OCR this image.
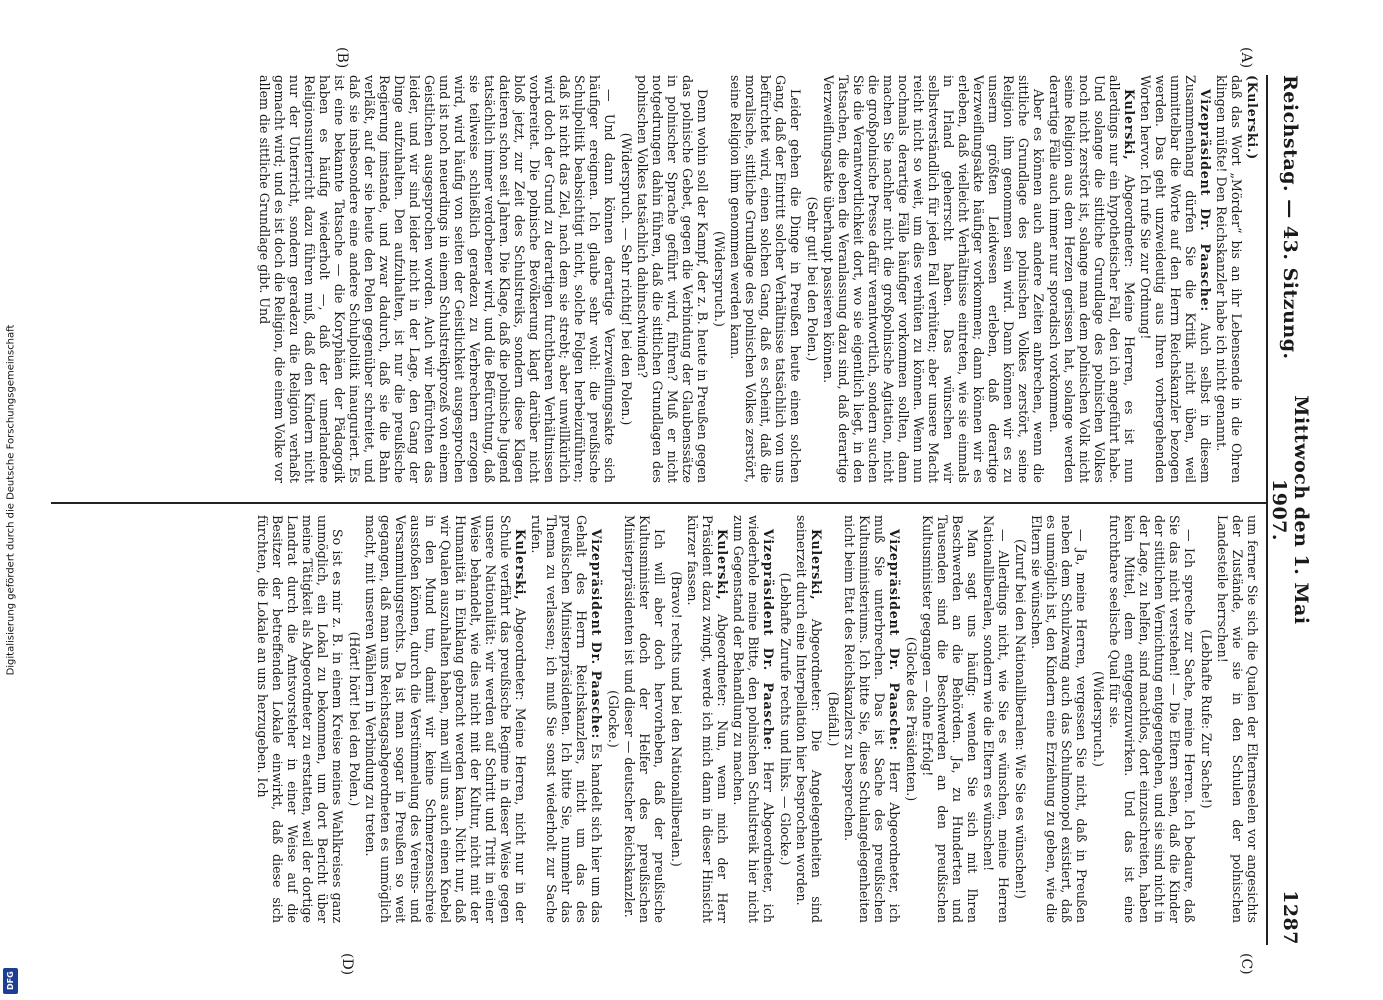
Digitalisierung gefördert durch die Deutsche Forschungsgemeinschaft
DFG
Reichstag. — 43. Sitzung.
Mittwoch den 1. Mai 1907.
1287
(A)
(B)
(C)
(D)

(Kulerski.)

daß das Wort „Mörder“ bis an ihr Lebensende in die Ohren klingen müßte! Den Reichskanzler habe ich nicht genannt.

Vizepräsident Dr. Paasche: Auch selbst in diesem Zusammenhang dürfen Sie die Kritik nicht üben, weil unmittelbar die Worte auf den Herrn Reichskanzler bezogen werden. Das geht unzweideutig aus Ihren vorhergehenden Worten hervor. Ich rufe Sie zur Ordnung!

Kulerski, Abgeordneter: Meine Herren, es ist nun allerdings nur ein hypothetischer Fall, den ich angeführt habe. Und solange die sittliche Grundlage des polnischen Volkes noch nicht zerstört ist, solange man dem polnischen Volk nicht seine Religion aus dem Herzen gerissen hat, solange werden derartige Fälle auch immer nur sporadisch vorkommen.

Aber es können auch andere Zeiten anbrechen, wenn die sittliche Grundlage des polnischen Volkes zerstört, seine Religion ihm genommen sein wird. Dann können wir es zu unserm größten Leidwesen erleben, daß derartige Verzweiflungsakte häufiger vorkommen; dann können wir es erleben, daß vielleicht Verhältnisse eintreten, wie sie einmals in Irland geherrscht haben. Das wünschen wir selbstverständlich für jeden Fall verhüten; aber unsere Macht reicht nicht so weit, um dies verhüten zu können. Wenn nun nochmals derartige Fälle häufiger vorkommen sollten, dann machen Sie nachher nicht die großpolnische Agitation, nicht die großpolnische Presse dafür verantwortlich, sondern suchen Sie die Verantwortlichkeit dort, wo sie eigentlich liegt, in den Tatsachen, die eben die Veranlassung dazu sind, daß derartige Verzweiflungsakte überhaupt passieren können.

(Sehr gut! bei den Polen.)

Leider gehen die Dinge in Preußen heute einen solchen Gang, daß der Eintritt solcher Verhältnisse tatsächlich von uns befürchtet wird, einen solchen Gang, daß es scheint, daß die moralische, sittliche Grundlage des polnischen Volkes zerstört, seine Religion ihm genommen werden kann.

(Widerspruch.)

Denn wohin soll der Kampf, der z. B. heute in Preußen gegen das polnische Gebet, gegen die Verbindung der Glaubenssätze in polnischer Sprache geführt wird, führen? Muß er nicht notgedrungen dahin führen, daß die sittlichen Grundlagen des polnischen Volkes tatsächlich dahinschwinden?

(Widerspruch. — Sehr richtig! bei den Polen.)

— Und dann können derartige Verzweiflungsakte sich häufiger ereignen. Ich glaube sehr wohl: die preußische Schulpolitik beabsichtigt nicht, solche Folgen herbeizuführen; daß ist nicht das Ziel, nach dem sie strebt; aber unwillkürlich wird doch der Grund zu derartigen furchtbaren Verhältnissen vorbereitet. Die polnische Bevölkerung klagt darüber nicht bloß jetzt, zur Zeit des Schulstreiks, sondern diese Klagen datieren schon seit Jahren. Die Klage, daß die polnische Jugend tatsächlich immer verdorbener wird, und die Befürchtung, daß sie teilweise schließlich geradezu zu Verbrechern erzogen wird, wird häufig von seiten der Geistlichkeit ausgesprochen und ist noch neuerdings in einem Schulstreikprozeß von einem Geistlichen ausgesprochen worden. Auch wir befürchten das leider, und wir sind leider nicht in der Lage, den Gang der Dinge aufzuhalten. Den aufzuhalten, ist nur die preußische Regierung imstande, und zwar dadurch, daß sie die Bahn verläßt, auf der sie heute den Polen gegenüber schreitet, und daß sie insbesondere eine andere Schulpolitik inauguriert. Es ist eine bekannte Tatsache — die Koryphäen der Pädagogik haben es häufig wiederholt —, daß der umerlandene Religionsunterricht dazu führen muß, daß den Kindern nicht nur der Unterricht, sondern geradezu die Religion verhaßt gemacht wird; und es ist doch die Religion, die einem Volke vor allem die sittliche Grundlage gibt. Und

um ferner Sie sich die Qualen der Elternseelen vor angesichts der Zustände, wie sie in den Schulen der polnischen Landesteile herrschen!

(Lebhafte Rufe: Zur Sache!)

— Ich spreche zur Sache, meine Herren. Ich bedaure, daß Sie das nicht verstehen! — Die Eltern sehen, daß die Kinder der sittlichen Vernichtung entgegengehen, und sie sind nicht in der Lage, zu helfen, sind machtlos, dort einzuschreiten, haben kein Mittel, dem entgegenzuwirken. Und das ist eine furchtbare seelische Qual für sie.

(Widerspruch.)

— Ja, meine Herren, vergessen Sie nicht, daß in Preußen neben dem Schulzwang auch das Schulmonopol existiert, daß es unmöglich ist, den Kindern eine Erziehung zu geben, wie die Eltern sie wünschen.

(Zuruf bei den Nationalliberalen: Wie Sie es wünschen!)

— Allerdings nicht, wie Sie es wünschen, meine Herren Nationalliberalen, sondern wie die Eltern es wünschen!

Man sagt uns häufig: wenden Sie sich mit Ihren Beschwerden an die Behörden. Ja, zu Hunderten und Tausenden sind die Beschwerden an den preußischen Kultusminister gegangen — ohne Erfolg!

(Glocke des Präsidenten.)

Vizepräsident Dr. Paasche: Herr Abgeordneter, ich muß Sie unterbrechen. Das ist Sache des preußischen Kultusministeriums. Ich bitte Sie, diese Schulangelegenheiten nicht beim Etat des Reichskanzlers zu besprechen.

(Beifall.)

Kulerski, Abgeordneter: Die Angelegenheiten sind seinerzeit durch eine Interpellation hier besprochen worden.

(Lebhafte Zurufe rechts und links. — Glocke.)

Vizepräsident Dr. Paasche: Herr Abgeordneter, ich wiederhole meine Bitte, den polnischen Schulstreik hier nicht zum Gegenstand der Behandlung zu machen.

Kulerski, Abgeordneter: Nun, wenn mich der Herr Präsident dazu zwingt, werde ich mich dann in dieser Hinsicht kürzer fassen.

(Bravo! rechts und bei den Nationalliberalen.)

Ich will aber doch hervorheben, daß der preußische Kultusminister doch der Helfer des preußischen Ministerpräsidenten ist und dieser — deutscher Reichskanzler.

(Glocke.)

Vizepräsident Dr. Paasche: Es handelt sich hier um das Gehalt des Herrn Reichskanzlers, nicht um das des preußischen Ministerpräsidenten. Ich bitte Sie, nunmehr das Thema zu verlassen; ich muß Sie sonst wiederholt zur Sache rufen.

Kulerski, Abgeordneter: Meine Herren, nicht nur in der Schule verfährt das preußische Regime in dieser Weise gegen unsere Nationalität: wir werden auf Schritt und Tritt in einer Weise behandelt, wie dies nicht mit der Kultur, nicht mit der Humanität in Einklang gebracht werden kann. Nicht nur, daß wir Qualen auszuhalten haben, man will uns auch einen Knebel in den Mund tun, damit wir keine Schmerzensschreie ausstoßen können, durch die Verstümmelung des Vereins- und Versammlungsrechts. Da ist man sogar in Preußen so weit gegangen, daß man uns Reichstagsabgeordneten es unmöglich macht, mit unseren Wählern in Verbindung zu treten.

(Hört! hört! bei den Polen.)

So ist es mir z. B. in einem Kreise meines Wahlkreises ganz unmöglich, ein Lokal zu bekommen, um dort Bericht über meine Tätigkeit als Abgeordneter zu erstatten, weil der dortige Landrat durch die Amtsvorsteher in einer Weise auf die Besitzer der betreffenden Lokale einwirkt, daß diese sich fürchten, die Lokale an uns herzugeben. Ich
